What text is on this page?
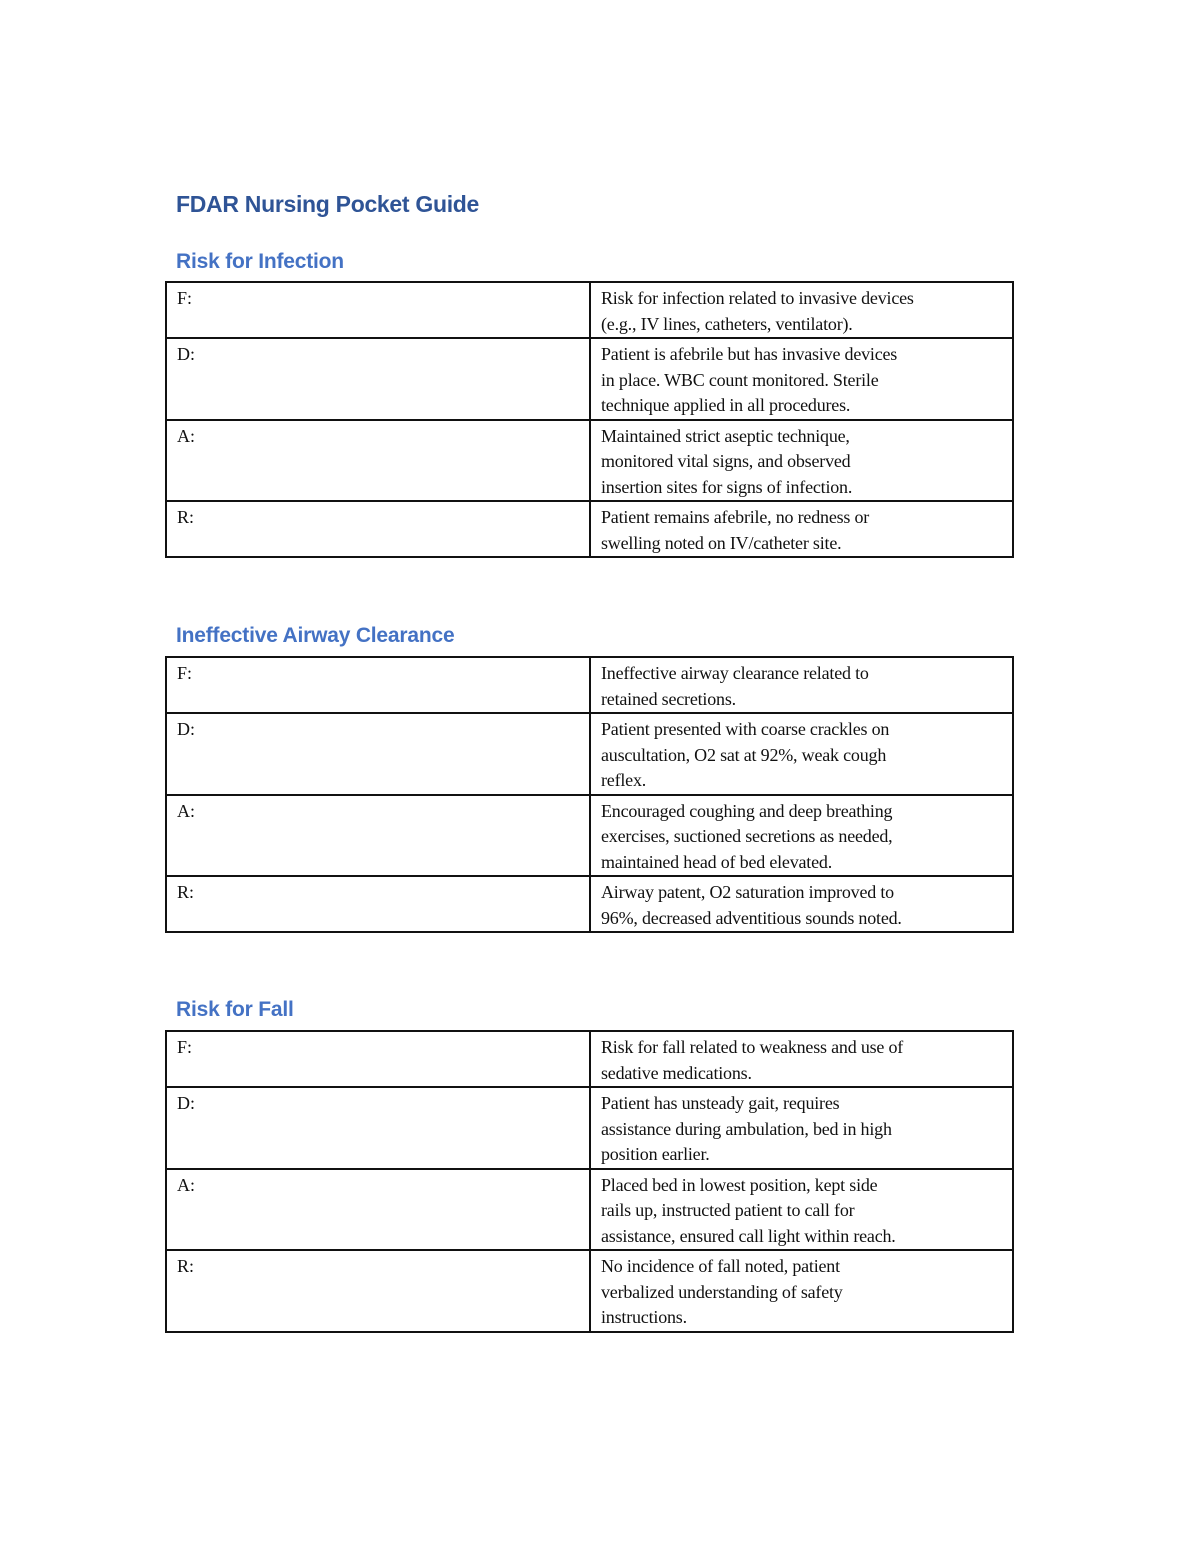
FDAR Nursing Pocket Guide
Risk for Infection
F:	Risk for infection related to invasive devices
(e.g., IV lines, catheters, ventilator).
D:	Patient is afebrile but has invasive devices
in place. WBC count monitored. Sterile
technique applied in all procedures.
A:	Maintained strict aseptic technique,
monitored vital signs, and observed
insertion sites for signs of infection.
R:	Patient remains afebrile, no redness or
swelling noted on IV/catheter site.
Ineffective Airway Clearance
F:	Ineffective airway clearance related to
retained secretions.
D:	Patient presented with coarse crackles on
auscultation, O2 sat at 92%, weak cough
reflex.
A:	Encouraged coughing and deep breathing
exercises, suctioned secretions as needed,
maintained head of bed elevated.
R:	Airway patent, O2 saturation improved to
96%, decreased adventitious sounds noted.
Risk for Fall
F:	Risk for fall related to weakness and use of
sedative medications.
D:	Patient has unsteady gait, requires
assistance during ambulation, bed in high
position earlier.
A:	Placed bed in lowest position, kept side
rails up, instructed patient to call for
assistance, ensured call light within reach.
R:	No incidence of fall noted, patient
verbalized understanding of safety
instructions.
